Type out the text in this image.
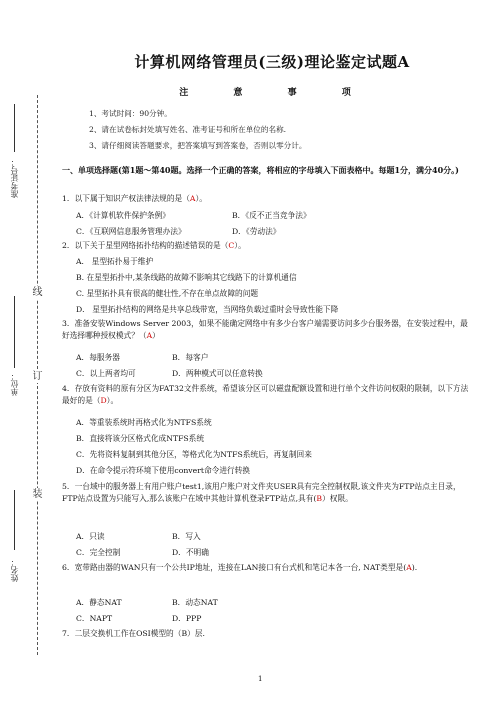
线
订
装
准考证号：
单位：
姓名：
计算机网络管理员(三级)理论鉴定试题A
注 意 事 项
1、考试时间：90分钟。
2、请在试卷标封处填写姓名、准考证号和所在单位的名称.
3、请仔细阅读答题要求，把答案填写到答案卷，否则以零分计。
一、单项选择题(第1题～第40题。选择一个正确的答案，将相应的字母填入下面表格中。每题1分，满分40分。)
1．以下属于知识产权法律法规的是（A）。
A．《计算机软件保护条例》	B．《反不正当竞争法》
C．《互联网信息服务管理办法》	D．《劳动法》
2．以下关于星型网络拓扑结构的描述错误的是（C）。
A． 星型拓扑易于维护
B. 在星型拓扑中,某条线路的故障不影响其它线路下的计算机通信
C. 星型拓扑具有很高的健壮性,不存在单点故障的问题
D． 星型拓扑结构的网络是共享总线带宽，当网络负载过重时会导致性能下降
3．准备安装Windows Server 2003，如果不能确定网络中有多少台客户端需要访问多少台服务器，在安装过程中，最好选择哪种授权模式？（A）
A．每服务器	B．每客户
C．以上两者均可	D．两种模式可以任意转换
4．存放有资料的原有分区为FAT32文件系统，希望该分区可以磁盘配额设置和进行单个文件访问权限的限制，以下方法最好的是（D）。
A．等重装系统时再格式化为NTFS系统
B．直接将该分区格式化成NTFS系统
C．先将资料复制到其他分区，等格式化为NTFS系统后，再复制回来
D．在命令提示符环境下使用convert命令进行转换
5．一台域中的服务器上有用户账户test1,该用户账户对文件夹USER具有完全控制权限,该文件夹为FTP站点主目录，FTP站点设置为只能写入,那么该账户在域中其他计算机登录FTP站点,具有(B）权限。
A．只读	B．写入
C．完全控制	D．不明确
6．宽带路由器的WAN只有一个公共IP地址，连接在LAN接口有台式机和笔记本各一台, NAT类型是(A).
A．静态NAT	B．动态NAT
C．NAPT	D．PPP
7．二层交换机工作在OSI模型的（B）层.
1
